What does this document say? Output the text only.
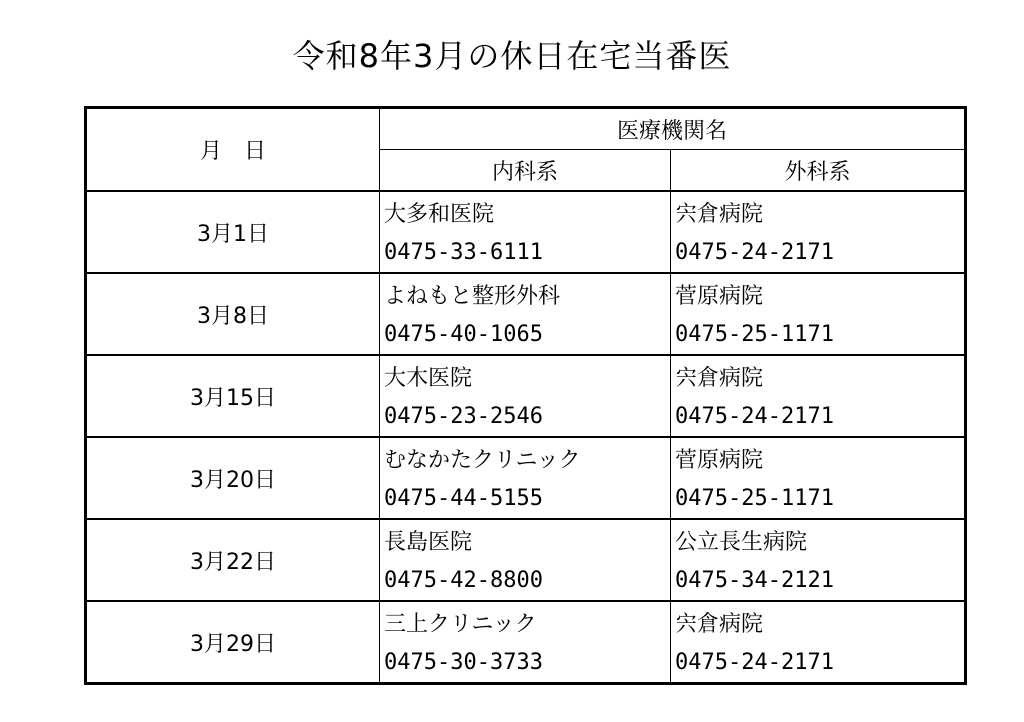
令和8年3月の休日在宅当番医
月　日	医療機関名	
	内科系	外科系
3月1日	大多和医院	宍倉病院
	0475-33-6111	0475-24-2171
3月8日	よねもと整形外科	菅原病院
	0475-40-1065	0475-25-1171
3月15日	大木医院	宍倉病院
	0475-23-2546	0475-24-2171
3月20日	むなかたクリニック	菅原病院
	0475-44-5155	0475-25-1171
3月22日	長島医院	公立長生病院
	0475-42-8800	0475-34-2121
3月29日	三上クリニック	宍倉病院
	0475-30-3733	0475-24-2171
